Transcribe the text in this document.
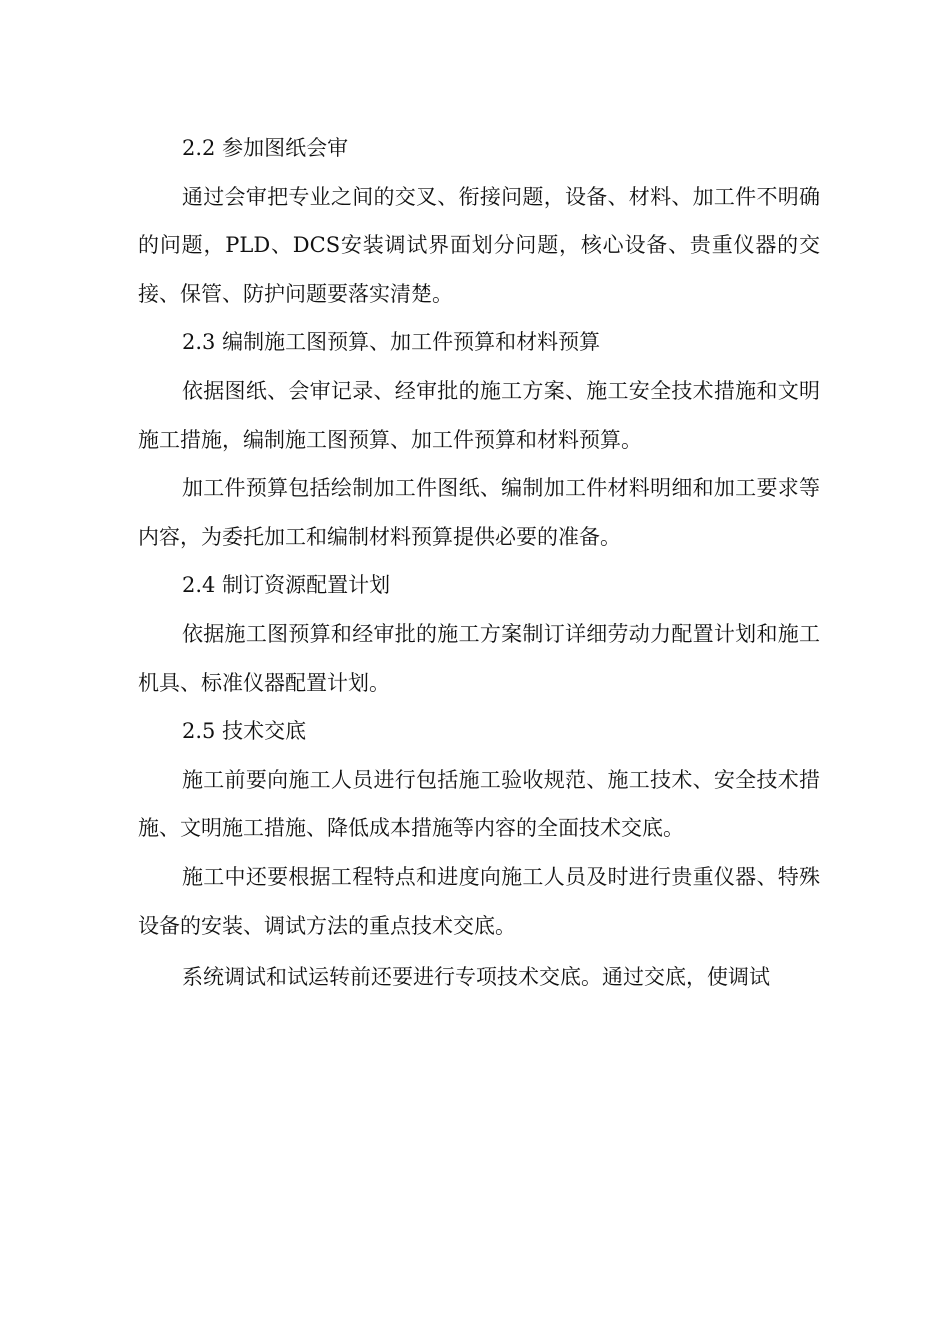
2.2 参加图纸会审

通过会审把专业之间的交叉、衔接问题，设备、材料、加工件不明确的问题，PLD、DCS安装调试界面划分问题，核心设备、贵重仪器的交接、保管、防护问题要落实清楚。

2.3 编制施工图预算、加工件预算和材料预算

依据图纸、会审记录、经审批的施工方案、施工安全技术措施和文明施工措施，编制施工图预算、加工件预算和材料预算。

加工件预算包括绘制加工件图纸、编制加工件材料明细和加工要求等内容，为委托加工和编制材料预算提供必要的准备。

2.4 制订资源配置计划

依据施工图预算和经审批的施工方案制订详细劳动力配置计划和施工机具、标准仪器配置计划。

2.5 技术交底

施工前要向施工人员进行包括施工验收规范、施工技术、安全技术措施、文明施工措施、降低成本措施等内容的全面技术交底。

施工中还要根据工程特点和进度向施工人员及时进行贵重仪器、特殊设备的安装、调试方法的重点技术交底。

系统调试和试运转前还要进行专项技术交底。通过交底，使调试
